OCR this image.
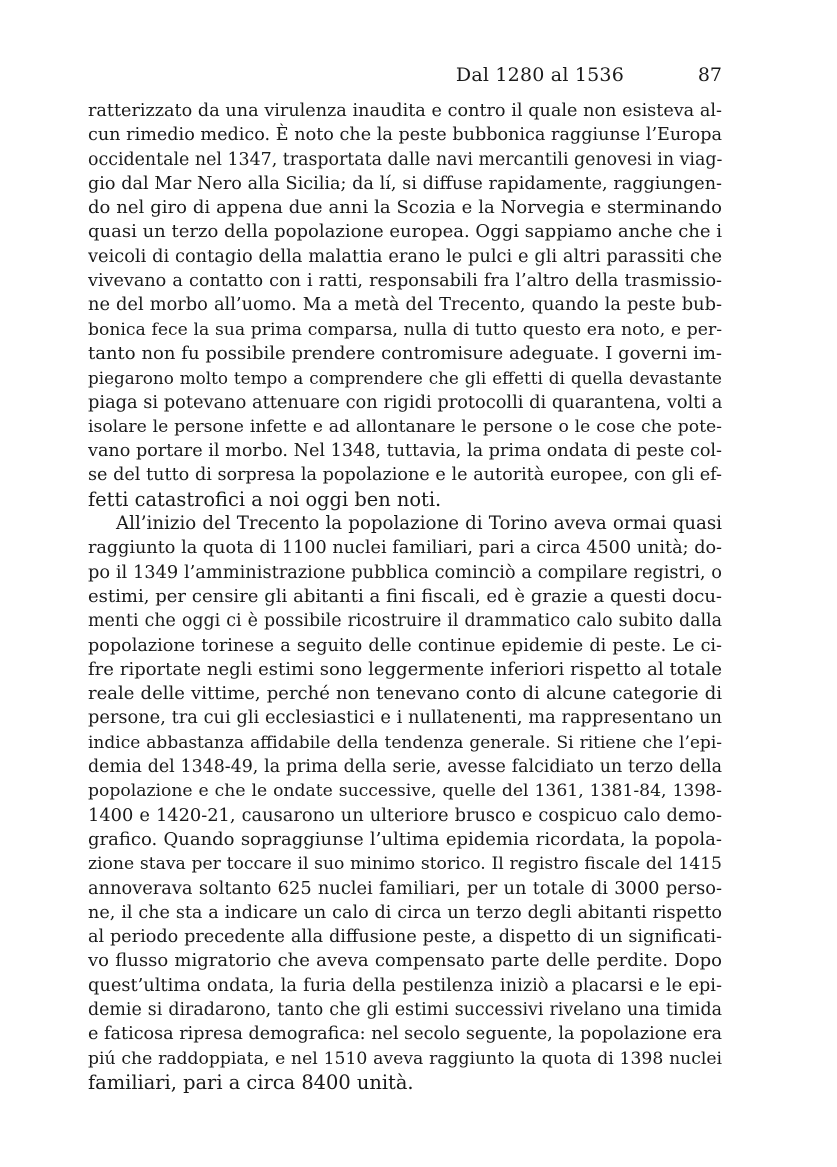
Dal 1280 al 1536	87
ratterizzato da una virulenza inaudita e contro il quale non esisteva al-
cun rimedio medico. È noto che la peste bubbonica raggiunse l’Europa
occidentale nel 1347, trasportata dalle navi mercantili genovesi in viag-
gio dal Mar Nero alla Sicilia; da lí, si diffuse rapidamente, raggiungen-
do nel giro di appena due anni la Scozia e la Norvegia e sterminando
quasi un terzo della popolazione europea. Oggi sappiamo anche che i
veicoli di contagio della malattia erano le pulci e gli altri parassiti che
vivevano a contatto con i ratti, responsabili fra l’altro della trasmissio-
ne del morbo all’uomo. Ma a metà del Trecento, quando la peste bub-
bonica fece la sua prima comparsa, nulla di tutto questo era noto, e per-
tanto non fu possibile prendere contromisure adeguate. I governi im-
piegarono molto tempo a comprendere che gli effetti di quella devastante
piaga si potevano attenuare con rigidi protocolli di quarantena, volti a
isolare le persone infette e ad allontanare le persone o le cose che pote-
vano portare il morbo. Nel 1348, tuttavia, la prima ondata di peste col-
se del tutto di sorpresa la popolazione e le autorità europee, con gli ef-
fetti catastrofici a noi oggi ben noti.
All’inizio del Trecento la popolazione di Torino aveva ormai quasi
raggiunto la quota di 1100 nuclei familiari, pari a circa 4500 unità; do-
po il 1349 l’amministrazione pubblica cominciò a compilare registri, o
estimi, per censire gli abitanti a fini fiscali, ed è grazie a questi docu-
menti che oggi ci è possibile ricostruire il drammatico calo subito dalla
popolazione torinese a seguito delle continue epidemie di peste. Le ci-
fre riportate negli estimi sono leggermente inferiori rispetto al totale
reale delle vittime, perché non tenevano conto di alcune categorie di
persone, tra cui gli ecclesiastici e i nullatenenti, ma rappresentano un
indice abbastanza affidabile della tendenza generale. Si ritiene che l’epi-
demia del 1348-49, la prima della serie, avesse falcidiato un terzo della
popolazione e che le ondate successive, quelle del 1361, 1381-84, 1398-
1400 e 1420-21, causarono un ulteriore brusco e cospicuo calo demo-
grafico. Quando sopraggiunse l’ultima epidemia ricordata, la popola-
zione stava per toccare il suo minimo storico. Il registro fiscale del 1415
annoverava soltanto 625 nuclei familiari, per un totale di 3000 perso-
ne, il che sta a indicare un calo di circa un terzo degli abitanti rispetto
al periodo precedente alla diffusione peste, a dispetto di un significati-
vo flusso migratorio che aveva compensato parte delle perdite. Dopo
quest’ultima ondata, la furia della pestilenza iniziò a placarsi e le epi-
demie si diradarono, tanto che gli estimi successivi rivelano una timida
e faticosa ripresa demografica: nel secolo seguente, la popolazione era
piú che raddoppiata, e nel 1510 aveva raggiunto la quota di 1398 nuclei
familiari, pari a circa 8400 unità.
